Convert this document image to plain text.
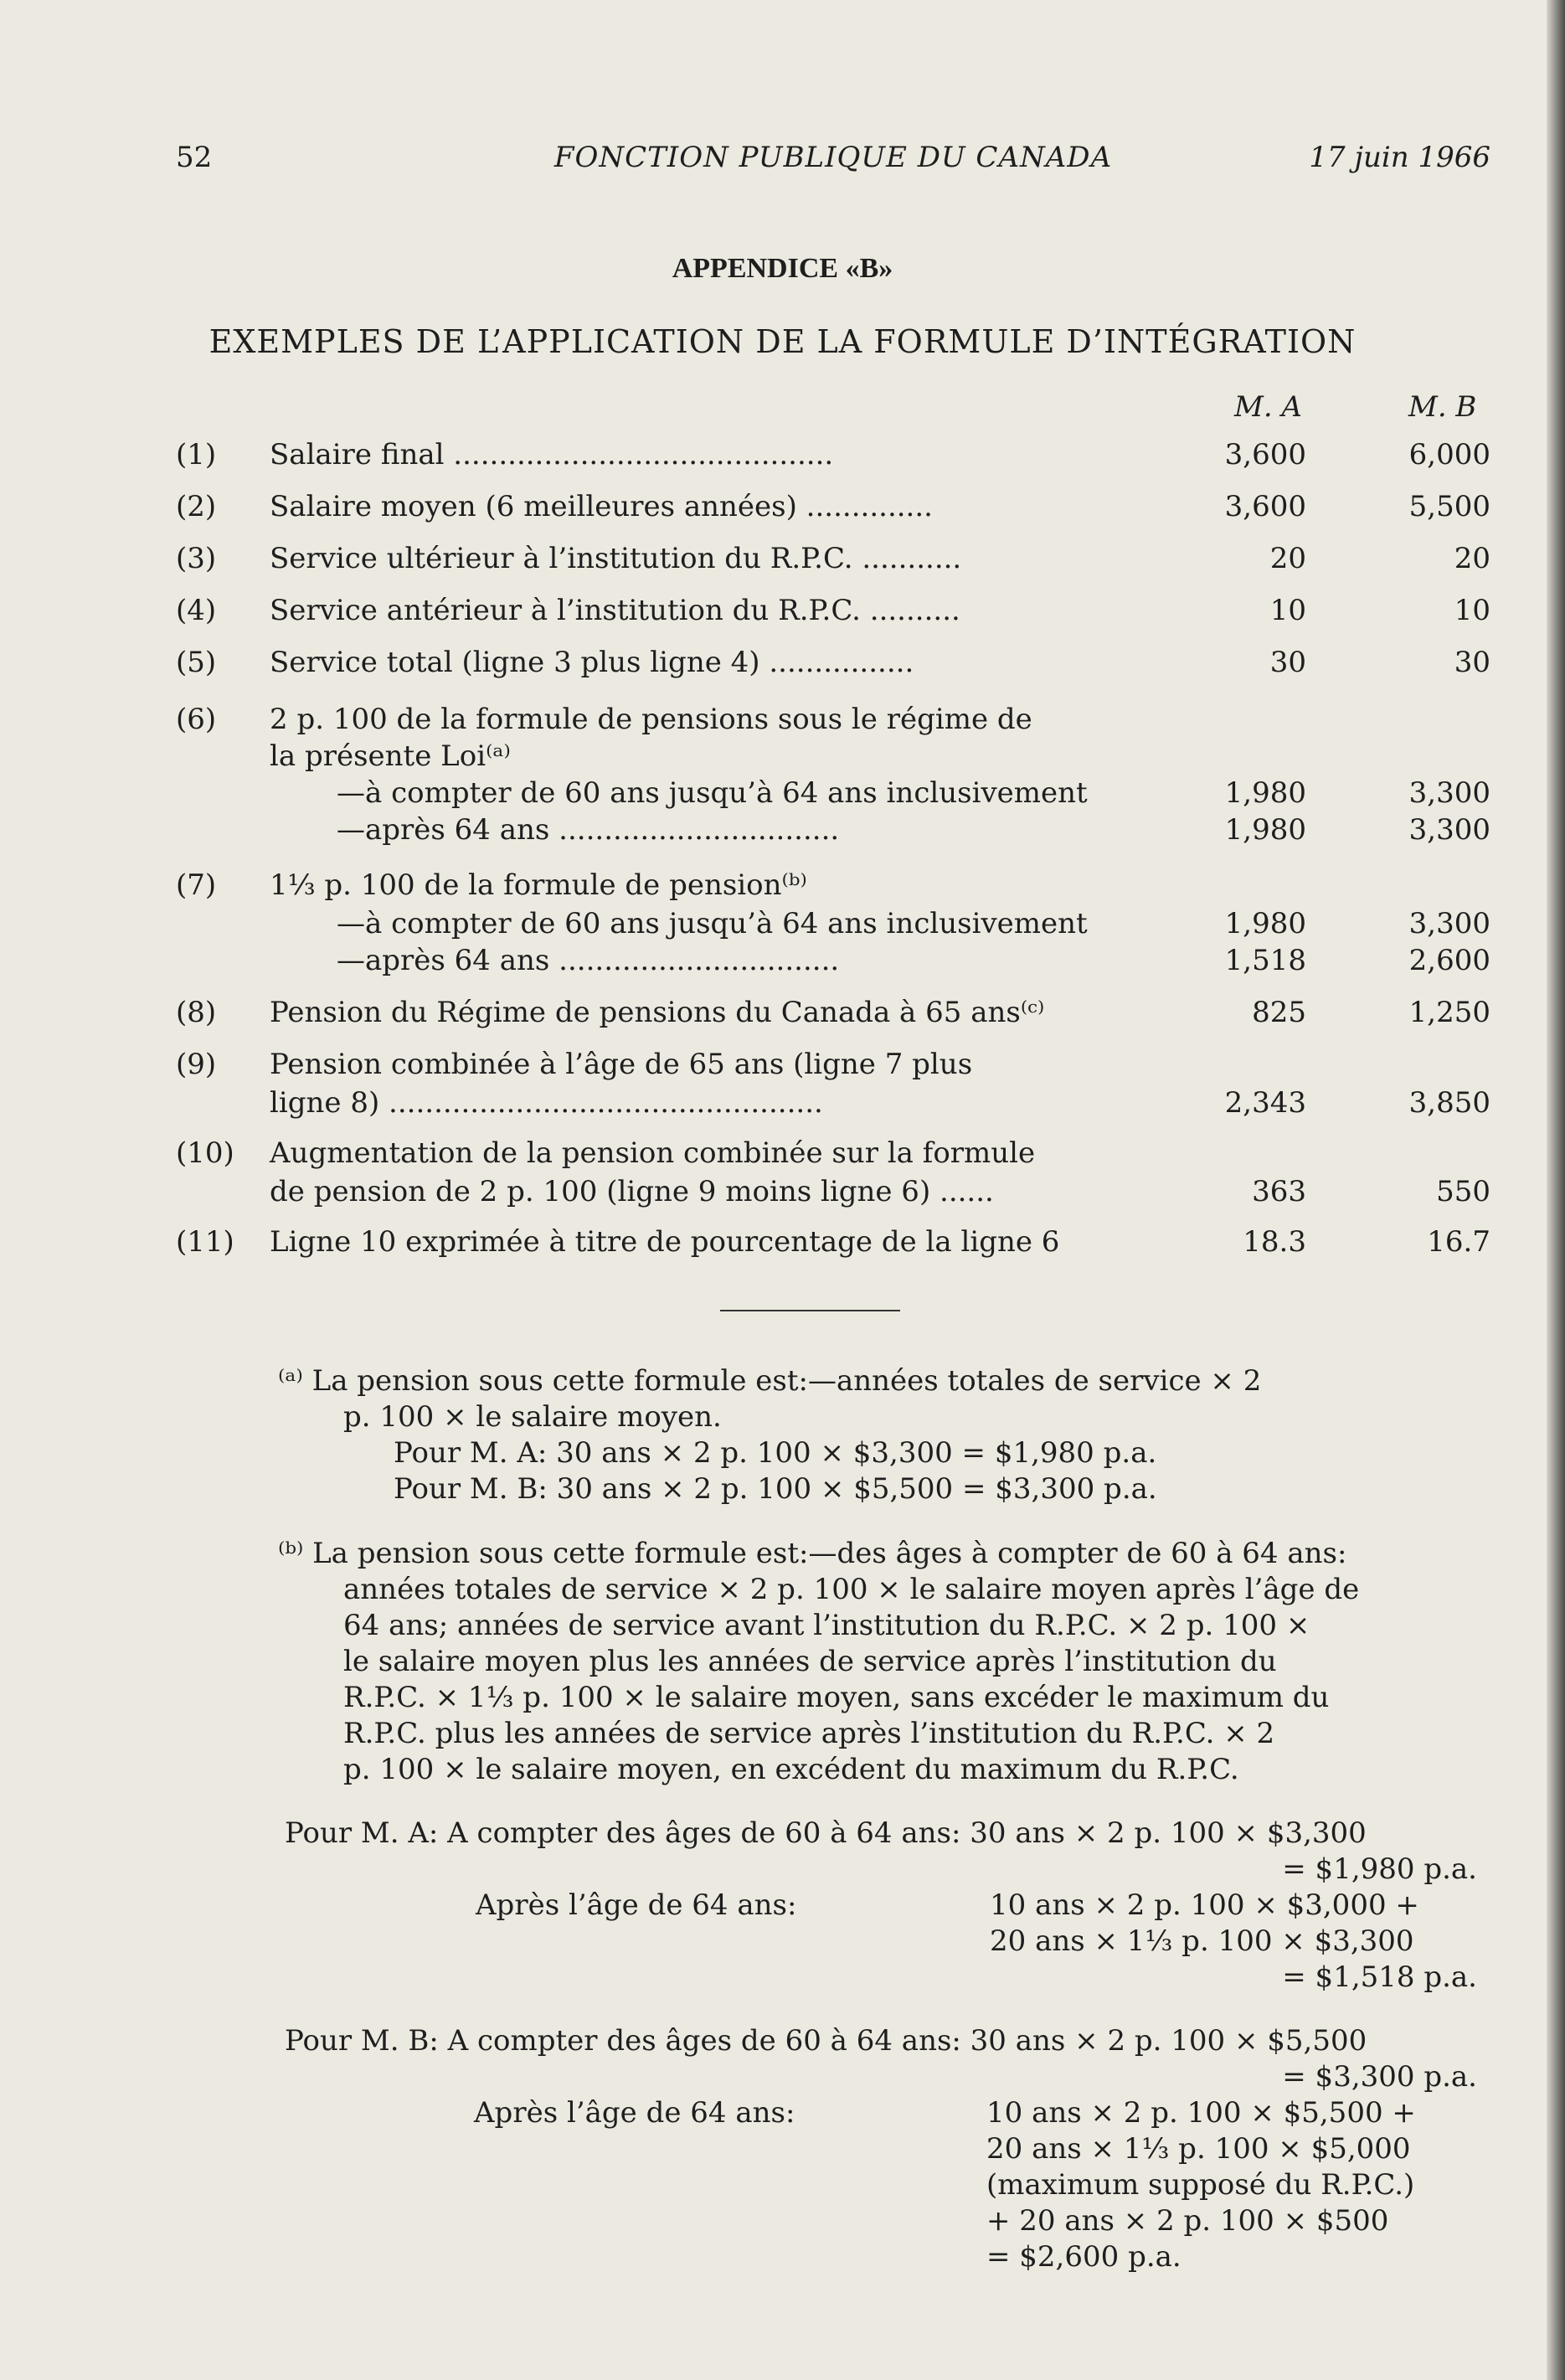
52	FONCTION PUBLIQUE DU CANADA	17 juin 1966
APPENDICE «B»
EXEMPLES DE L’APPLICATION DE LA FORMULE D’INTÉGRATION
M. A	M. B
(1)	Salaire final ..........................................	3,600	6,000
(2)	Salaire moyen (6 meilleures années) ..............	3,600	5,500
(3)	Service ultérieur à l’institution du R.P.C. ...........	20	20
(4)	Service antérieur à l’institution du R.P.C. ..........	10	10
(5)	Service total (ligne 3 plus ligne 4) ................	30	30
(6)	2 p. 100 de la formule de pensions sous le régime de
la présente Loi⁽ᵃ⁾
—à compter de 60 ans jusqu’à 64 ans inclusivement	1,980	3,300
—après 64 ans ...............................	1,980	3,300
(7)	1⅓ p. 100 de la formule de pension⁽ᵇ⁾
—à compter de 60 ans jusqu’à 64 ans inclusivement	1,980	3,300
—après 64 ans ...............................	1,518	2,600
(8)	Pension du Régime de pensions du Canada à 65 ans⁽ᶜ⁾	825	1,250
(9)	Pension combinée à l’âge de 65 ans (ligne 7 plus
ligne 8) ................................................	2,343	3,850
(10)	Augmentation de la pension combinée sur la formule
de pension de 2 p. 100 (ligne 9 moins ligne 6) ......	363	550
(11)	Ligne 10 exprimée à titre de pourcentage de la ligne 6	18.3	16.7

⁽ᵃ⁾ La pension sous cette formule est:—années totales de service × 2

p. 100 × le salaire moyen.

Pour M. A: 30 ans × 2 p. 100 × $3,300 = $1,980 p.a.

Pour M. B: 30 ans × 2 p. 100 × $5,500 = $3,300 p.a.

⁽ᵇ⁾ La pension sous cette formule est:—des âges à compter de 60 à 64 ans:

années totales de service × 2 p. 100 × le salaire moyen après l’âge de

64 ans; années de service avant l’institution du R.P.C. × 2 p. 100 ×

le salaire moyen plus les années de service après l’institution du

R.P.C. × 1⅓ p. 100 × le salaire moyen, sans excéder le maximum du

R.P.C. plus les années de service après l’institution du R.P.C. × 2

p. 100 × le salaire moyen, en excédent du maximum du R.P.C.

Pour M. A: A compter des âges de 60 à 64 ans: 30 ans × 2 p. 100 × $3,300
= $1,980 p.a.
Après l’âge de 64 ans:	10 ans × 2 p. 100 × $3,000 +
20 ans × 1⅓ p. 100 × $3,300
= $1,518 p.a.
Pour M. B: A compter des âges de 60 à 64 ans: 30 ans × 2 p. 100 × $5,500
= $3,300 p.a.
Après l’âge de 64 ans:	10 ans × 2 p. 100 × $5,500 +
20 ans × 1⅓ p. 100 × $5,000
(maximum supposé du R.P.C.)
+ 20 ans × 2 p. 100 × $500
= $2,600 p.a.
